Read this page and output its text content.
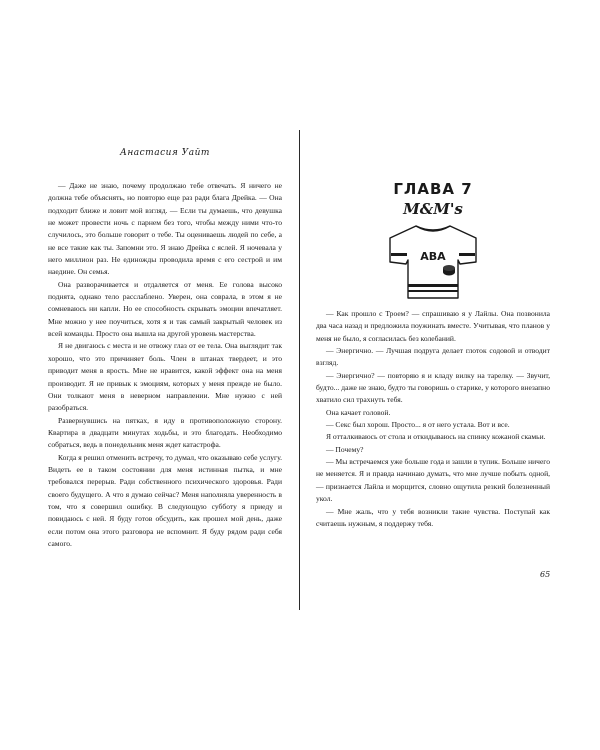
Анастасия Уайт

— Даже не знаю, почему продолжаю тебе отвечать. Я ничего не должна тебе объяснять, но повторю еще раз ради блага Дрейка. — Она подходит ближе и ловит мой взгляд. — Если ты думаешь, что девушка не может провести ночь с парнем без того, чтобы между ними что-то случилось, это больше говорит о тебе. Ты оцениваешь людей по себе, а не все такие как ты. Запомни это. Я знаю Дрейка с яслей. Я ночевала у него миллион раз. Не единожды проводила время с его сестрой и им наедине. Он семья.

Она разворачивается и отдаляется от меня. Ее голова высоко поднята, однако тело расслаблено. Уверен, она соврала, в этом я не сомневаюсь ни капли. Но ее способность скрывать эмоции впечатляет. Мне можно у нее поучиться, хотя я и так самый закрытый человек из всей команды. Просто она вышла на другой уровень мастерства.

Я не двигаюсь с места и не отвожу глаз от ее тела. Она выглядит так хорошо, что это причиняет боль. Член в штанах твердеет, и это приводит меня в ярость. Мне не нравится, какой эффект она на меня производит. Я не привык к эмоциям, которых у меня прежде не было. Они толкают меня в неверном направлении. Мне нужно с ней разобраться.

Развернувшись на пятках, я иду в противоположную сторону. Квартира в двадцати минутах ходьбы, и это благодать. Необходимо собраться, ведь в понедельник меня ждет катастрофа.

Когда я решил отменить встречу, то думал, что оказываю себе услугу. Видеть ее в таком состоянии для меня истинная пытка, и мне требовался перерыв. Ради собственного психического здоровья. Ради своего будущего. А что я думаю сейчас? Меня наполняла уверенность в том, что я совершил ошибку. В следующую субботу я приеду и повидаюсь с ней. Я буду готов обсудить, как прошел мой день, даже если потом она этого разговора не вспомнит. Я буду рядом ради себя самого.

ГЛАВА 7
M&M's
ABA

— Как прошло с Троем? — спрашиваю я у Лайлы. Она позвонила два часа назад и предложила поужинать вместе. Учитывая, что планов у меня не было, я согласилась без колебаний.

— Энергично. — Лучшая подруга делает глоток содовой и отводит взгляд.

— Энергично? — повторяю я и кладу вилку на тарелку. — Звучит, будто... даже не знаю, будто ты говоришь о старике, у которого внезапно хватило сил трахнуть тебя.

Она качает головой.

— Секс был хорош. Просто... я от него устала. Вот и все.

Я отталкиваюсь от стола и откидываюсь на спинку кожаной скамьи.

— Почему?

— Мы встречаемся уже больше года и зашли в тупик. Больше ничего не меняется. Я и правда начинаю думать, что мне лучше побыть одной, — признается Лайла и морщится, словно ощутила резкий болезненный укол.

— Мне жаль, что у тебя возникли такие чувства. Поступай как считаешь нужным, я поддержу тебя.

65
